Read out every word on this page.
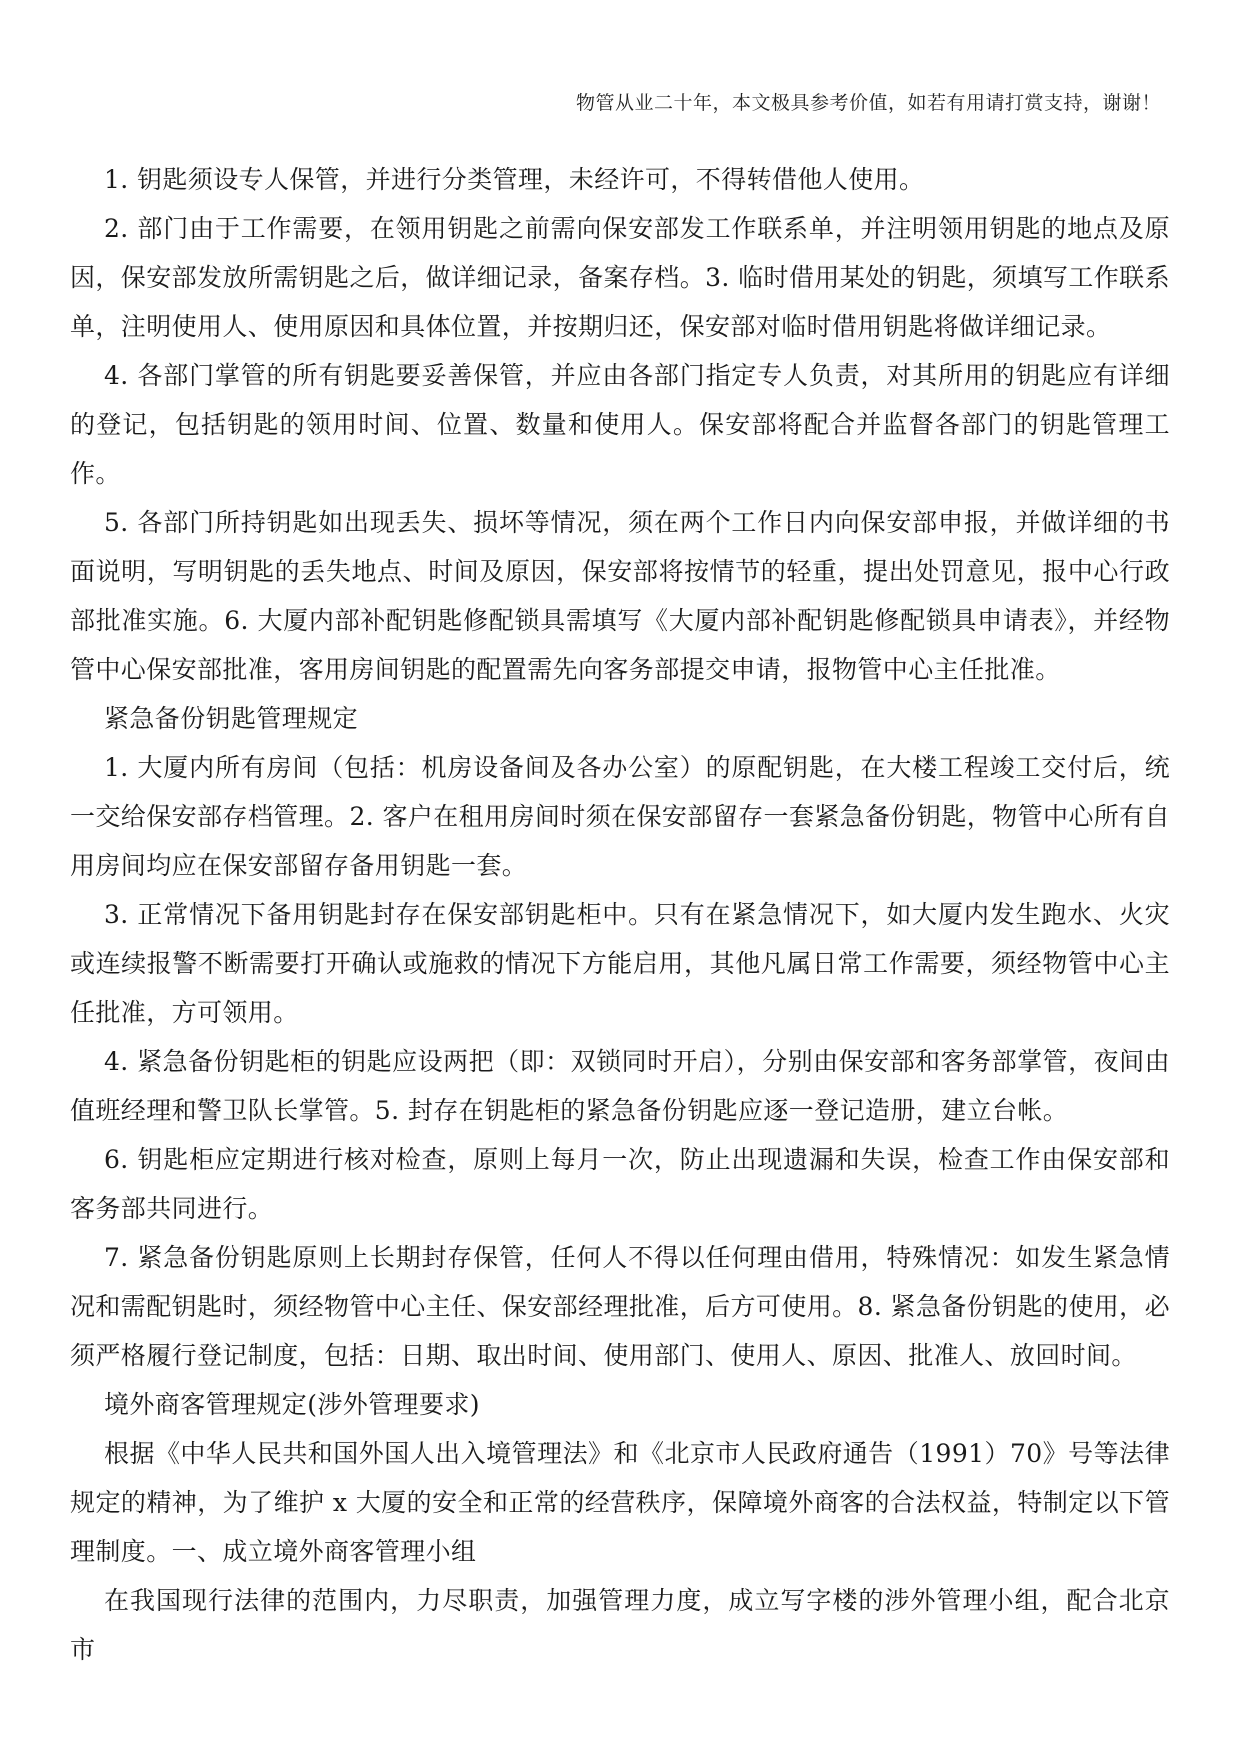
物管从业二十年，本文极具参考价值，如若有用请打赏支持，谢谢！

1. 钥匙须设专人保管，并进行分类管理，未经许可，不得转借他人使用。

2. 部门由于工作需要，在领用钥匙之前需向保安部发工作联系单，并注明领用钥匙的地点及原因，保安部发放所需钥匙之后，做详细记录，备案存档。3. 临时借用某处的钥匙，须填写工作联系单，注明使用人、使用原因和具体位置，并按期归还，保安部对临时借用钥匙将做详细记录。

4. 各部门掌管的所有钥匙要妥善保管，并应由各部门指定专人负责，对其所用的钥匙应有详细的登记，包括钥匙的领用时间、位置、数量和使用人。保安部将配合并监督各部门的钥匙管理工作。

5. 各部门所持钥匙如出现丢失、损坏等情况，须在两个工作日内向保安部申报，并做详细的书面说明，写明钥匙的丢失地点、时间及原因，保安部将按情节的轻重，提出处罚意见，报中心行政部批准实施。6. 大厦内部补配钥匙修配锁具需填写《大厦内部补配钥匙修配锁具申请表》，并经物管中心保安部批准，客用房间钥匙的配置需先向客务部提交申请，报物管中心主任批准。

紧急备份钥匙管理规定

1. 大厦内所有房间（包括：机房设备间及各办公室）的原配钥匙，在大楼工程竣工交付后，统一交给保安部存档管理。2. 客户在租用房间时须在保安部留存一套紧急备份钥匙，物管中心所有自用房间均应在保安部留存备用钥匙一套。

3. 正常情况下备用钥匙封存在保安部钥匙柜中。只有在紧急情况下，如大厦内发生跑水、火灾或连续报警不断需要打开确认或施救的情况下方能启用，其他凡属日常工作需要，须经物管中心主任批准，方可领用。

4. 紧急备份钥匙柜的钥匙应设两把（即：双锁同时开启），分别由保安部和客务部掌管，夜间由值班经理和警卫队长掌管。5. 封存在钥匙柜的紧急备份钥匙应逐一登记造册，建立台帐。

6. 钥匙柜应定期进行核对检查，原则上每月一次，防止出现遗漏和失误，检查工作由保安部和客务部共同进行。

7. 紧急备份钥匙原则上长期封存保管，任何人不得以任何理由借用，特殊情况：如发生紧急情况和需配钥匙时，须经物管中心主任、保安部经理批准，后方可使用。8. 紧急备份钥匙的使用，必须严格履行登记制度，包括：日期、取出时间、使用部门、使用人、原因、批准人、放回时间。

境外商客管理规定(涉外管理要求)

根据《中华人民共和国外国人出入境管理法》和《北京市人民政府通告（1991）70》号等法律规定的精神，为了维护 x 大厦的安全和正常的经营秩序，保障境外商客的合法权益，特制定以下管理制度。一、成立境外商客管理小组

在我国现行法律的范围内，力尽职责，加强管理力度，成立写字楼的涉外管理小组，配合北京市
